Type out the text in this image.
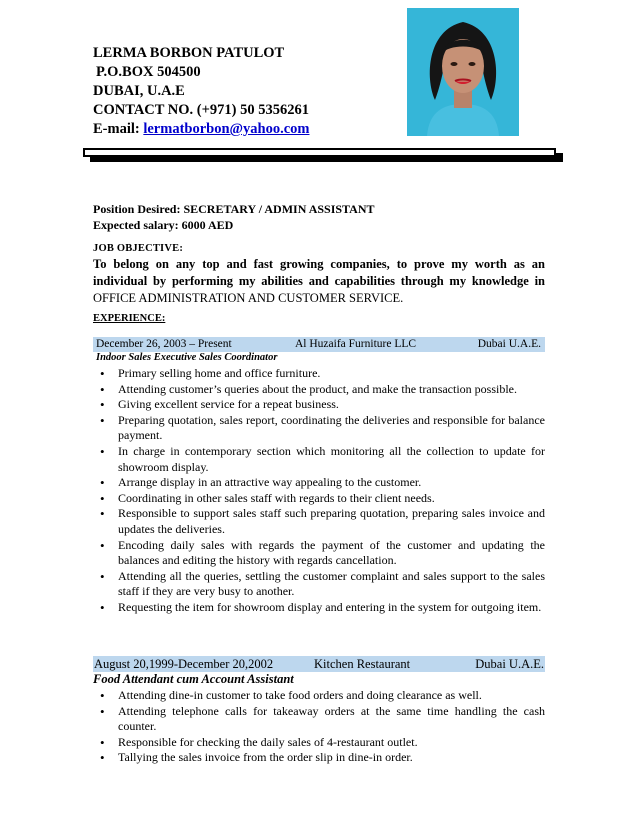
LERMA BORBON PATULOT
P.O.BOX 504500
DUBAI, U.A.E
CONTACT NO. (+971) 50 5356261
E-mail: lermatborbon@yahoo.com
Position Desired: SECRETARY / ADMIN ASSISTANT
Expected salary: 6000 AED
JOB OBJECTIVE:
To belong on any top and fast growing companies, to prove my worth as an
individual by performing my abilities and capabilities through my knowledge in
OFFICE ADMINISTRATION AND CUSTOMER SERVICE.
EXPERIENCE:
December 26, 2003 – Present	Al Huzaifa Furniture LLC	Dubai U.A.E.
Indoor Sales Executive Sales Coordinator
• Primary selling home and office furniture.
• Attending customer’s queries about the product, and make the transaction possible.
• Giving excellent service for a repeat business.
• Preparing quotation, sales report, coordinating the deliveries and responsible for balance payment.
• In charge in contemporary section which monitoring all the collection to update for showroom display.
• Arrange display in an attractive way appealing to the customer.
• Coordinating in other sales staff with regards to their client needs.
• Responsible to support sales staff such preparing quotation, preparing sales invoice and updates the deliveries.
• Encoding daily sales with regards the payment of the customer and updating the balances and editing the history with regards cancellation.
• Attending all the queries, settling the customer complaint and sales support to the sales staff if they are very busy to another.
• Requesting the item for showroom display and entering in the system for outgoing item.
August 20,1999-December 20,2002	Kitchen Restaurant	Dubai U.A.E.
Food Attendant cum Account Assistant
• Attending dine-in customer to take food orders and doing clearance as well.
• Attending telephone calls for takeaway orders at the same time handling the cash counter.
• Responsible for checking the daily sales of 4-restaurant outlet.
• Tallying the sales invoice from the order slip in dine-in order.
